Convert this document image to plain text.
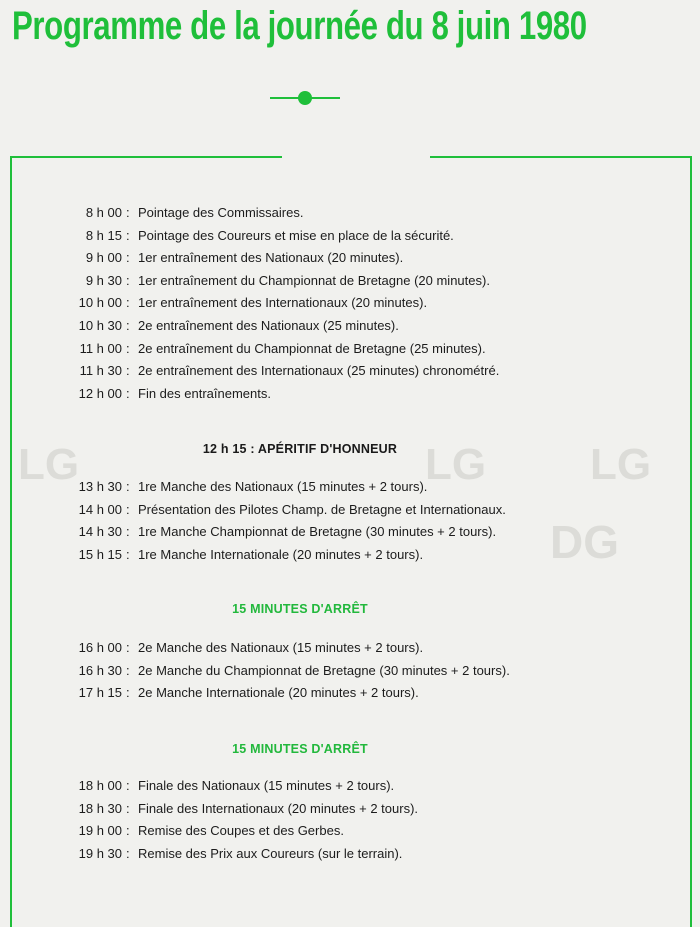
LG	LG LG
DG
Programme de la journée du 8 juin 1980
8 h 00 : Pointage des Commissaires.
8 h 15 : Pointage des Coureurs et mise en place de la sécurité.
9 h 00 : 1er entraînement des Nationaux (20 minutes).
9 h 30 : 1er entraînement du Championnat de Bretagne (20 minutes).
10 h 00 : 1er entraînement des Internationaux (20 minutes).
10 h 30 : 2e entraînement des Nationaux (25 minutes).
11 h 00 : 2e entraînement du Championnat de Bretagne (25 minutes).
11 h 30 : 2e entraînement des Internationaux (25 minutes) chronométré.
12 h 00 : Fin des entraînements.
13 h 30 : 1re Manche des Nationaux (15 minutes + 2 tours).
14 h 00 : Présentation des Pilotes Champ. de Bretagne et Internationaux.
14 h 30 : 1re Manche Championnat de Bretagne (30 minutes + 2 tours).
15 h 15 : 1re Manche Internationale (20 minutes + 2 tours).
16 h 00 : 2e Manche des Nationaux (15 minutes + 2 tours).
16 h 30 : 2e Manche du Championnat de Bretagne (30 minutes + 2 tours).
17 h 15 : 2e Manche Internationale (20 minutes + 2 tours).
18 h 00 : Finale des Nationaux (15 minutes + 2 tours).
18 h 30 : Finale des Internationaux (20 minutes + 2 tours).
19 h 00 : Remise des Coupes et des Gerbes.
19 h 30 : Remise des Prix aux Coureurs (sur le terrain).
12 h 15 : APÉRITIF D'HONNEUR
15 MINUTES D'ARRÊT
15 MINUTES D'ARRÊT
